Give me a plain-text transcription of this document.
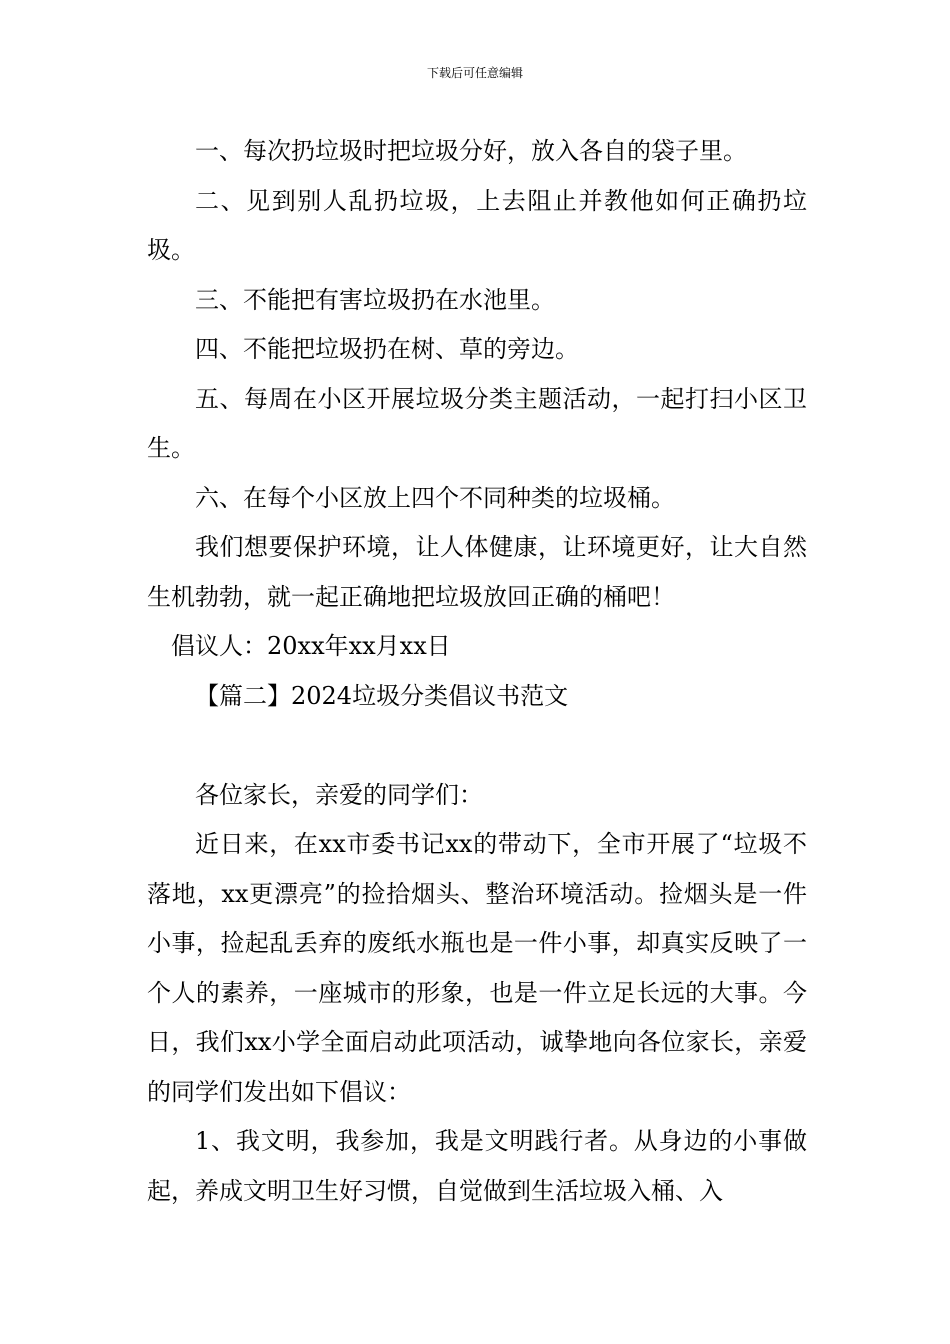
下载后可任意编辑

一、每次扔垃圾时把垃圾分好，放入各自的袋子里。

二、见到别人乱扔垃圾，上去阻止并教他如何正确扔垃圾。

三、不能把有害垃圾扔在水池里。

四、不能把垃圾扔在树、草的旁边。

五、每周在小区开展垃圾分类主题活动，一起打扫小区卫生。

六、在每个小区放上四个不同种类的垃圾桶。

我们想要保护环境，让人体健康，让环境更好，让大自然生机勃勃，就一起正确地把垃圾放回正确的桶吧！

倡议人：20xx年xx月xx日

【篇二】2024垃圾分类倡议书范文

各位家长，亲爱的同学们：

近日来，在xx市委书记xx的带动下，全市开展了“垃圾不落地，xx更漂亮”的捡拾烟头、整治环境活动。捡烟头是一件小事，捡起乱丢弃的废纸水瓶也是一件小事，却真实反映了一个人的素养，一座城市的形象，也是一件立足长远的大事。今日，我们xx小学全面启动此项活动，诚挚地向各位家长，亲爱的同学们发出如下倡议：

1、我文明，我参加，我是文明践行者。从身边的小事做起，养成文明卫生好习惯，自觉做到生活垃圾入桶、入
